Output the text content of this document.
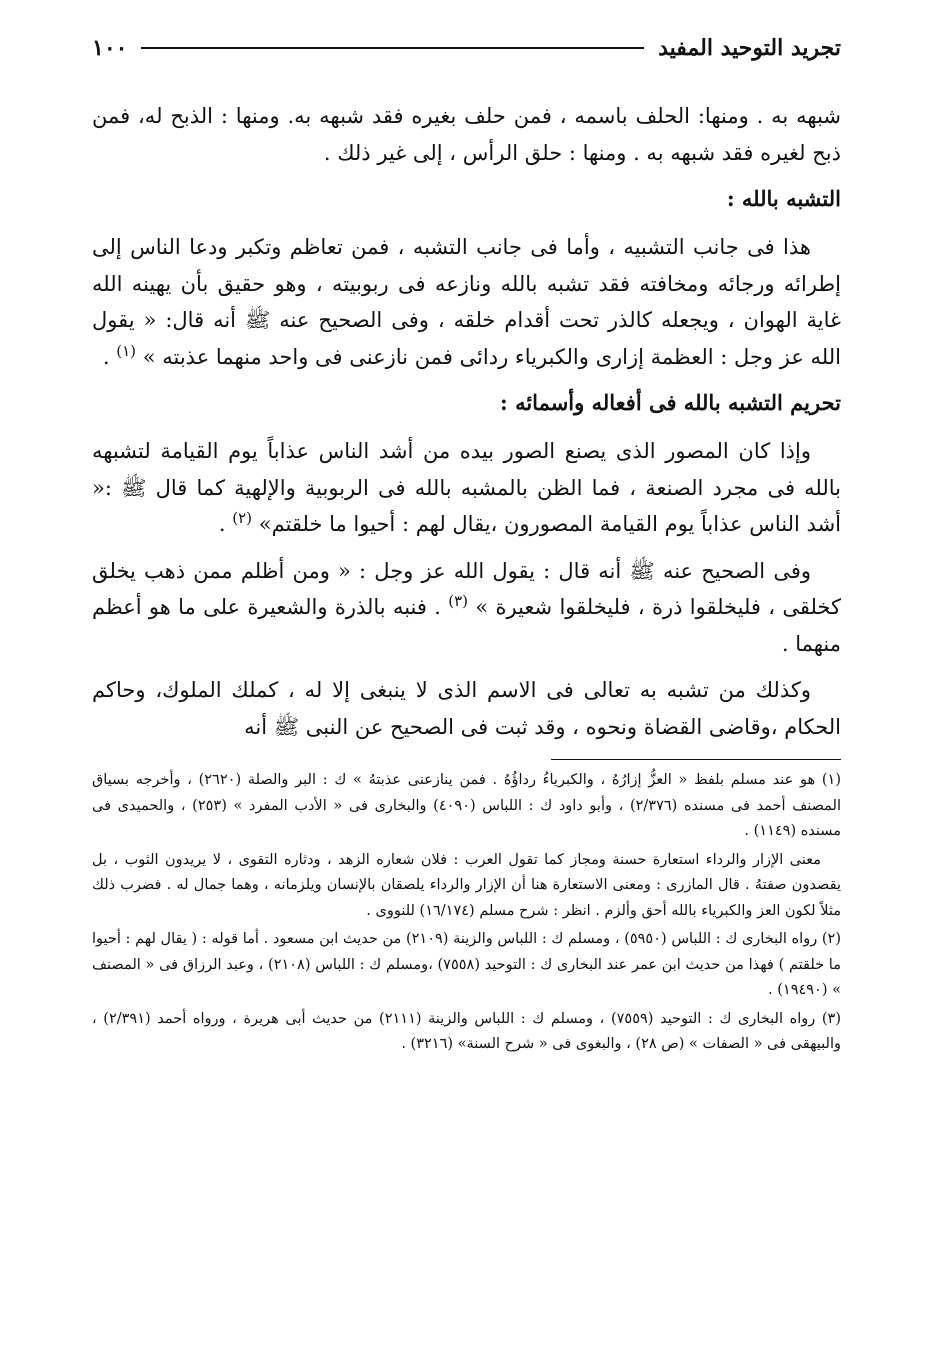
تجريد التوحيد المفيد
١٠٠

شبهه به . ومنها: الحلف باسمه ، فمن حلف بغيره فقد شبهه به. ومنها : الذبح له، فمن ذبح لغيره فقد شبهه به . ومنها : حلق الرأس ، إلى غير ذلك .

التشبه بالله :

هذا فى جانب التشبيه ، وأما فى جانب التشبه ، فمن تعاظم وتكبر ودعا الناس إلى إطرائه ورجائه ومخافته فقد تشبه بالله ونازعه فى ربوبيته ، وهو حقيق بأن يهينه الله غاية الهوان ، ويجعله كالذر تحت أقدام خلقه ، وفى الصحيح عنه ﷺ أنه قال: « يقول الله عز وجل : العظمة إزارى والكبرياء ردائى فمن نازعنى فى واحد منهما عذبته » $^{(١)}$ .

تحريم التشبه بالله فى أفعاله وأسمائه :

وإذا كان المصور الذى يصنع الصور بيده من أشد الناس عذاباً يوم القيامة لتشبهه بالله فى مجرد الصنعة ، فما الظن بالمشبه بالله فى الربوبية والإلهية كما قال ﷺ :« أشد الناس عذاباً يوم القيامة المصورون ،يقال لهم : أحيوا ما خلقتم» $^{(٢)}$ .

وفى الصحيح عنه ﷺ أنه قال : يقول الله عز وجل : « ومن أظلم ممن ذهب يخلق كخلقى ، فليخلقوا ذرة ، فليخلقوا شعيرة » $^{(٣)}$ . فنبه بالذرة والشعيرة على ما هو أعظم منهما .

وكذلك من تشبه به تعالى فى الاسم الذى لا ينبغى إلا له ، كملك الملوك، وحاكم الحكام ،وقاضى القضاة ونحوه ، وقد ثبت فى الصحيح عن النبى ﷺ أنه

(١) هو عند مسلم بلفظ « العزُّ إزارُهُ ، والكبرياءُ رداؤُهُ . فمن ينازعنى عذبتهُ » ك : البر والصلة (٢٦٢٠) ، وأخرجه بسياق المصنف أحمد فى مسنده (٢/٣٧٦) ، وأبو داود ك : اللباس (٤٠٩٠) والبخارى فى « الأدب المفرد » (٢٥٣) ، والحميدى فى مسنده (١١٤٩) .

معنى الإزار والرداء استعارة حسنة ومجاز كما تقول العرب : فلان شعاره الزهد ، ودثاره التقوى ، لا يريدون الثوب ، بل يقصدون صفتهُ . قال المازرى : ومعنى الاستعارة هنا أن الإزار والرداء يلصقان بالإنسان ويلزمانه ، وهما جمال له . فضرب ذلك مثلاً لكون العز والكبرياء بالله أحق وألزم . انظر : شرح مسلم (١٦/١٧٤) للنووى .

(٢) رواه البخارى ك : اللباس (٥٩٥٠) ، ومسلم ك : اللباس والزينة (٢١٠٩) من حديث ابن مسعود . أما قوله : ( يقال لهم : أحيوا ما خلقتم ) فهذا من حديث ابن عمر عند البخارى ك : التوحيد (٧٥٥٨) ،ومسلم ك : اللباس (٢١٠٨) ، وعبد الرزاق فى « المصنف » (١٩٤٩٠) .

(٣) رواه البخارى ك : التوحيد (٧٥٥٩) ، ومسلم ك : اللباس والزينة (٢١١١) من حديث أبى هريرة ، ورواه أحمد (٢/٣٩١) ، والبيهقى فى « الصفات » (ص ٢٨) ، والبغوى فى « شرح السنة» (٣٢١٦) .
